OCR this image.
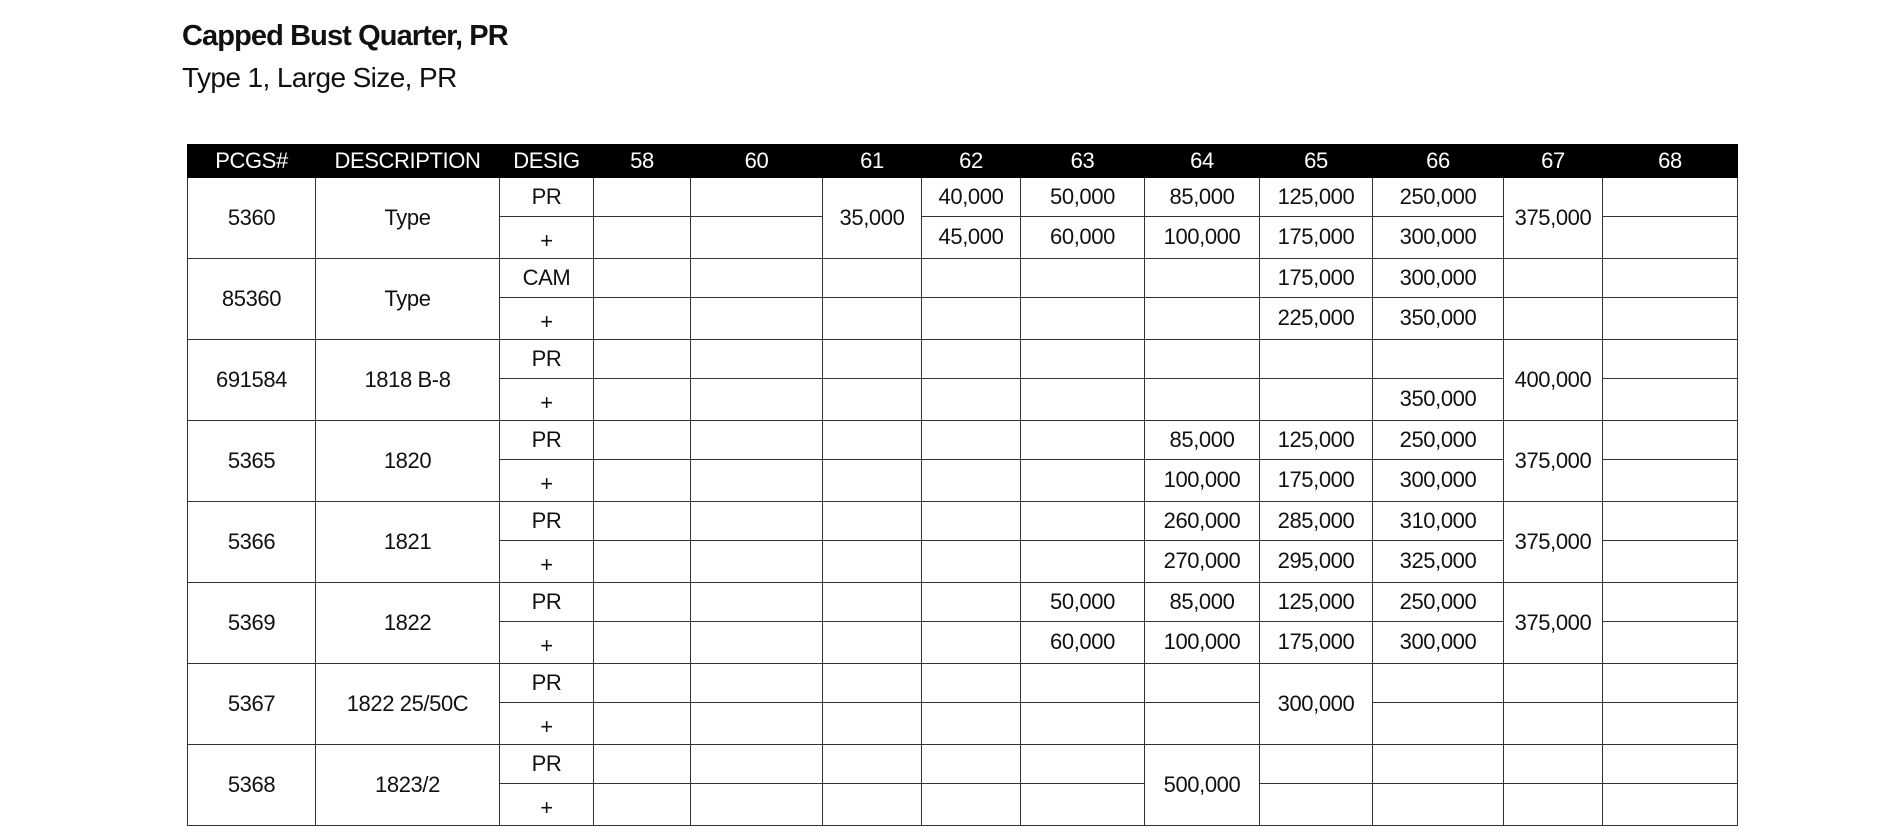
Capped Bust Quarter, PR
Type 1, Large Size, PR
PCGS#	DESCRIPTION	DESIG	58	60	61	62	63	64	65	66	67	68
5360	Type	PR			35,000	40,000	50,000	85,000	125,000	250,000	375,000	
		+				45,000	60,000	100,000	175,000	300,000		
85360	Type	CAM							175,000	300,000		
		+							225,000	350,000		
691584	1818 B-8	PR									400,000	
		+								350,000		
5365	1820	PR						85,000	125,000	250,000	375,000	
		+						100,000	175,000	300,000		
5366	1821	PR						260,000	285,000	310,000	375,000	
		+						270,000	295,000	325,000		
5369	1822	PR					50,000	85,000	125,000	250,000	375,000	
		+					60,000	100,000	175,000	300,000		
5367	1822 25/50C	PR							300,000			
		+										
5368	1823/2	PR						500,000				
		+										
